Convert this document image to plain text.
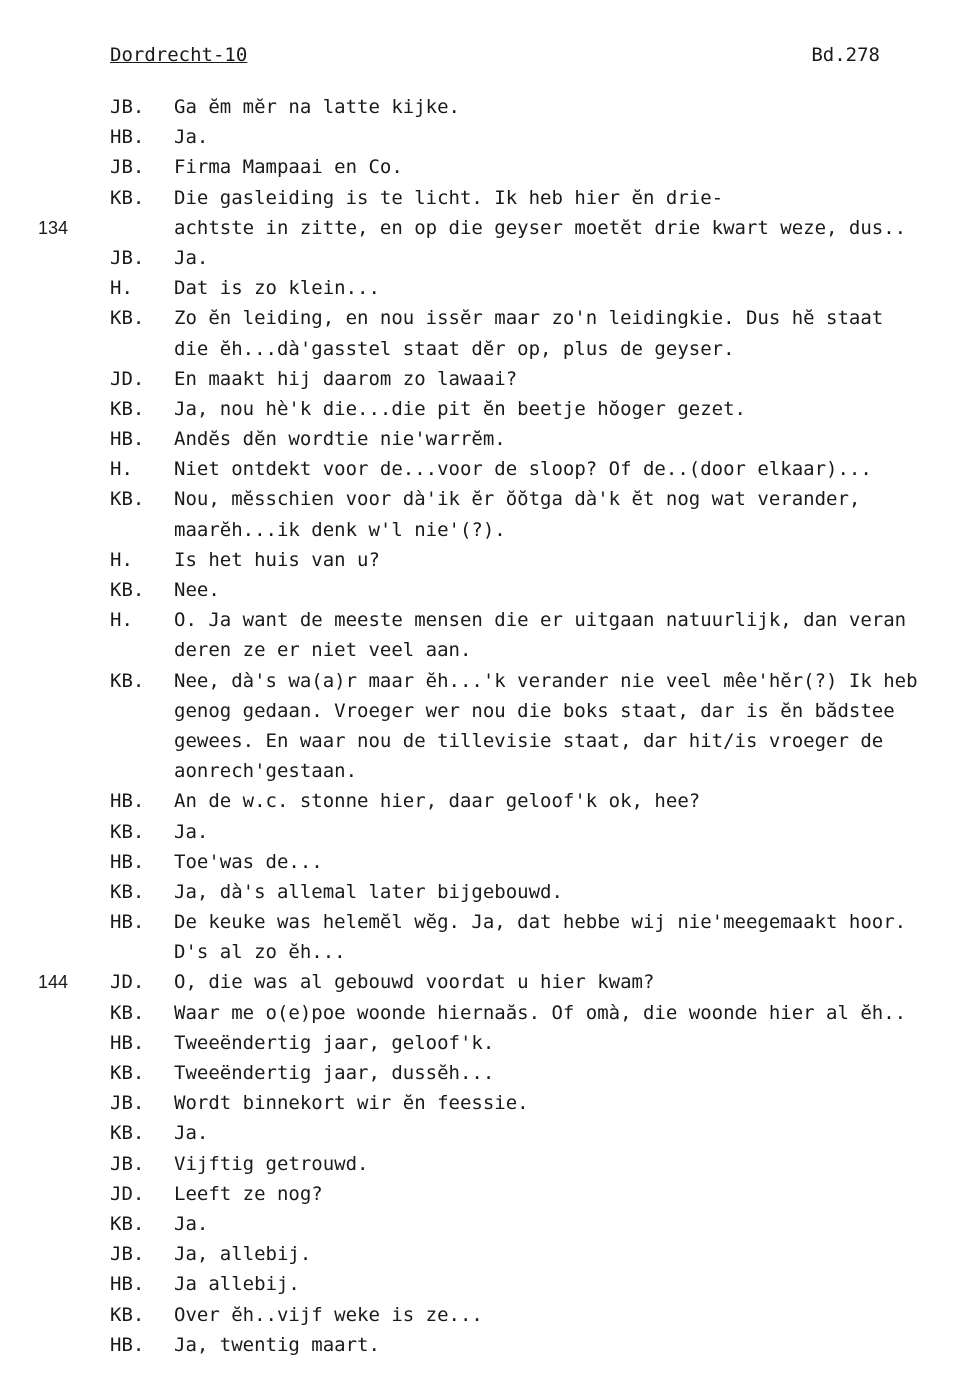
Dordrecht-10	Bd.278
JB.	Ga ĕm mĕr na latte kijke.
HB.	Ja.
JB.	Firma Mampaai en Co.
KB.	Die gasleiding is te licht. Ik heb hier ĕn drie-
134	achtste in zitte, en op die geyser moetĕt drie kwart weze, dus..
JB.	Ja.
H.	Dat is zo klein...
KB.	Zo ĕn leiding, en nou issĕr maar zo'n leidingkie. Dus hĕ staat
die ĕh...dà'gasstel staat dĕr op, plus de geyser.
JD.	En maakt hij daarom zo lawaai?
KB.	Ja, nou hè'k die...die pit ĕn beetje hŏoger gezet.
HB.	Andĕs dĕn wordtie nie'warrĕm.
H.	Niet ontdekt voor de...voor de sloop? Of de..(door elkaar)...
KB.	Nou, mĕsschien voor dà'ik ĕr ŏŏtga dà'k ĕt nog wat verander,
maarĕh...ik denk w'l nie'(?).
H.	Is het huis van u?
KB.	Nee.
H.	O. Ja want de meeste mensen die er uitgaan natuurlijk, dan veran
deren ze er niet veel aan.
KB.	Nee, dà's wa(a)r maar ĕh...'k verander nie veel mêe'hĕr(?) Ik heb
genog gedaan. Vroeger wer nou die boks staat, dar is ĕn bădstee
gewees. En waar nou de tillevisie staat, dar hit/is vroeger de
aonrech'gestaan.
HB.	An de w.c. stonne hier, daar geloof'k ok, hee?
KB.	Ja.
HB.	Toe'was de...
KB.	Ja, dà's allemal later bijgebouwd.
HB.	De keuke was helemĕl wĕg. Ja, dat hebbe wij nie'meegemaakt hoor.
D's al zo ĕh...
144	JD.	O, die was al gebouwd voordat u hier kwam?
KB.	Waar me o(e)poe woonde hiernaăs. Of omà, die woonde hier al ĕh..
HB.	Tweeëndertig jaar, geloof'k.
KB.	Tweeëndertig jaar, dussĕh...
JB.	Wordt binnekort wir ĕn feessie.
KB.	Ja.
JB.	Vijftig getrouwd.
JD.	Leeft ze nog?
KB.	Ja.
JB.	Ja, allebij.
HB.	Ja allebij.
KB.	Over ĕh..vijf weke is ze...
HB.	Ja, twentig maart.
